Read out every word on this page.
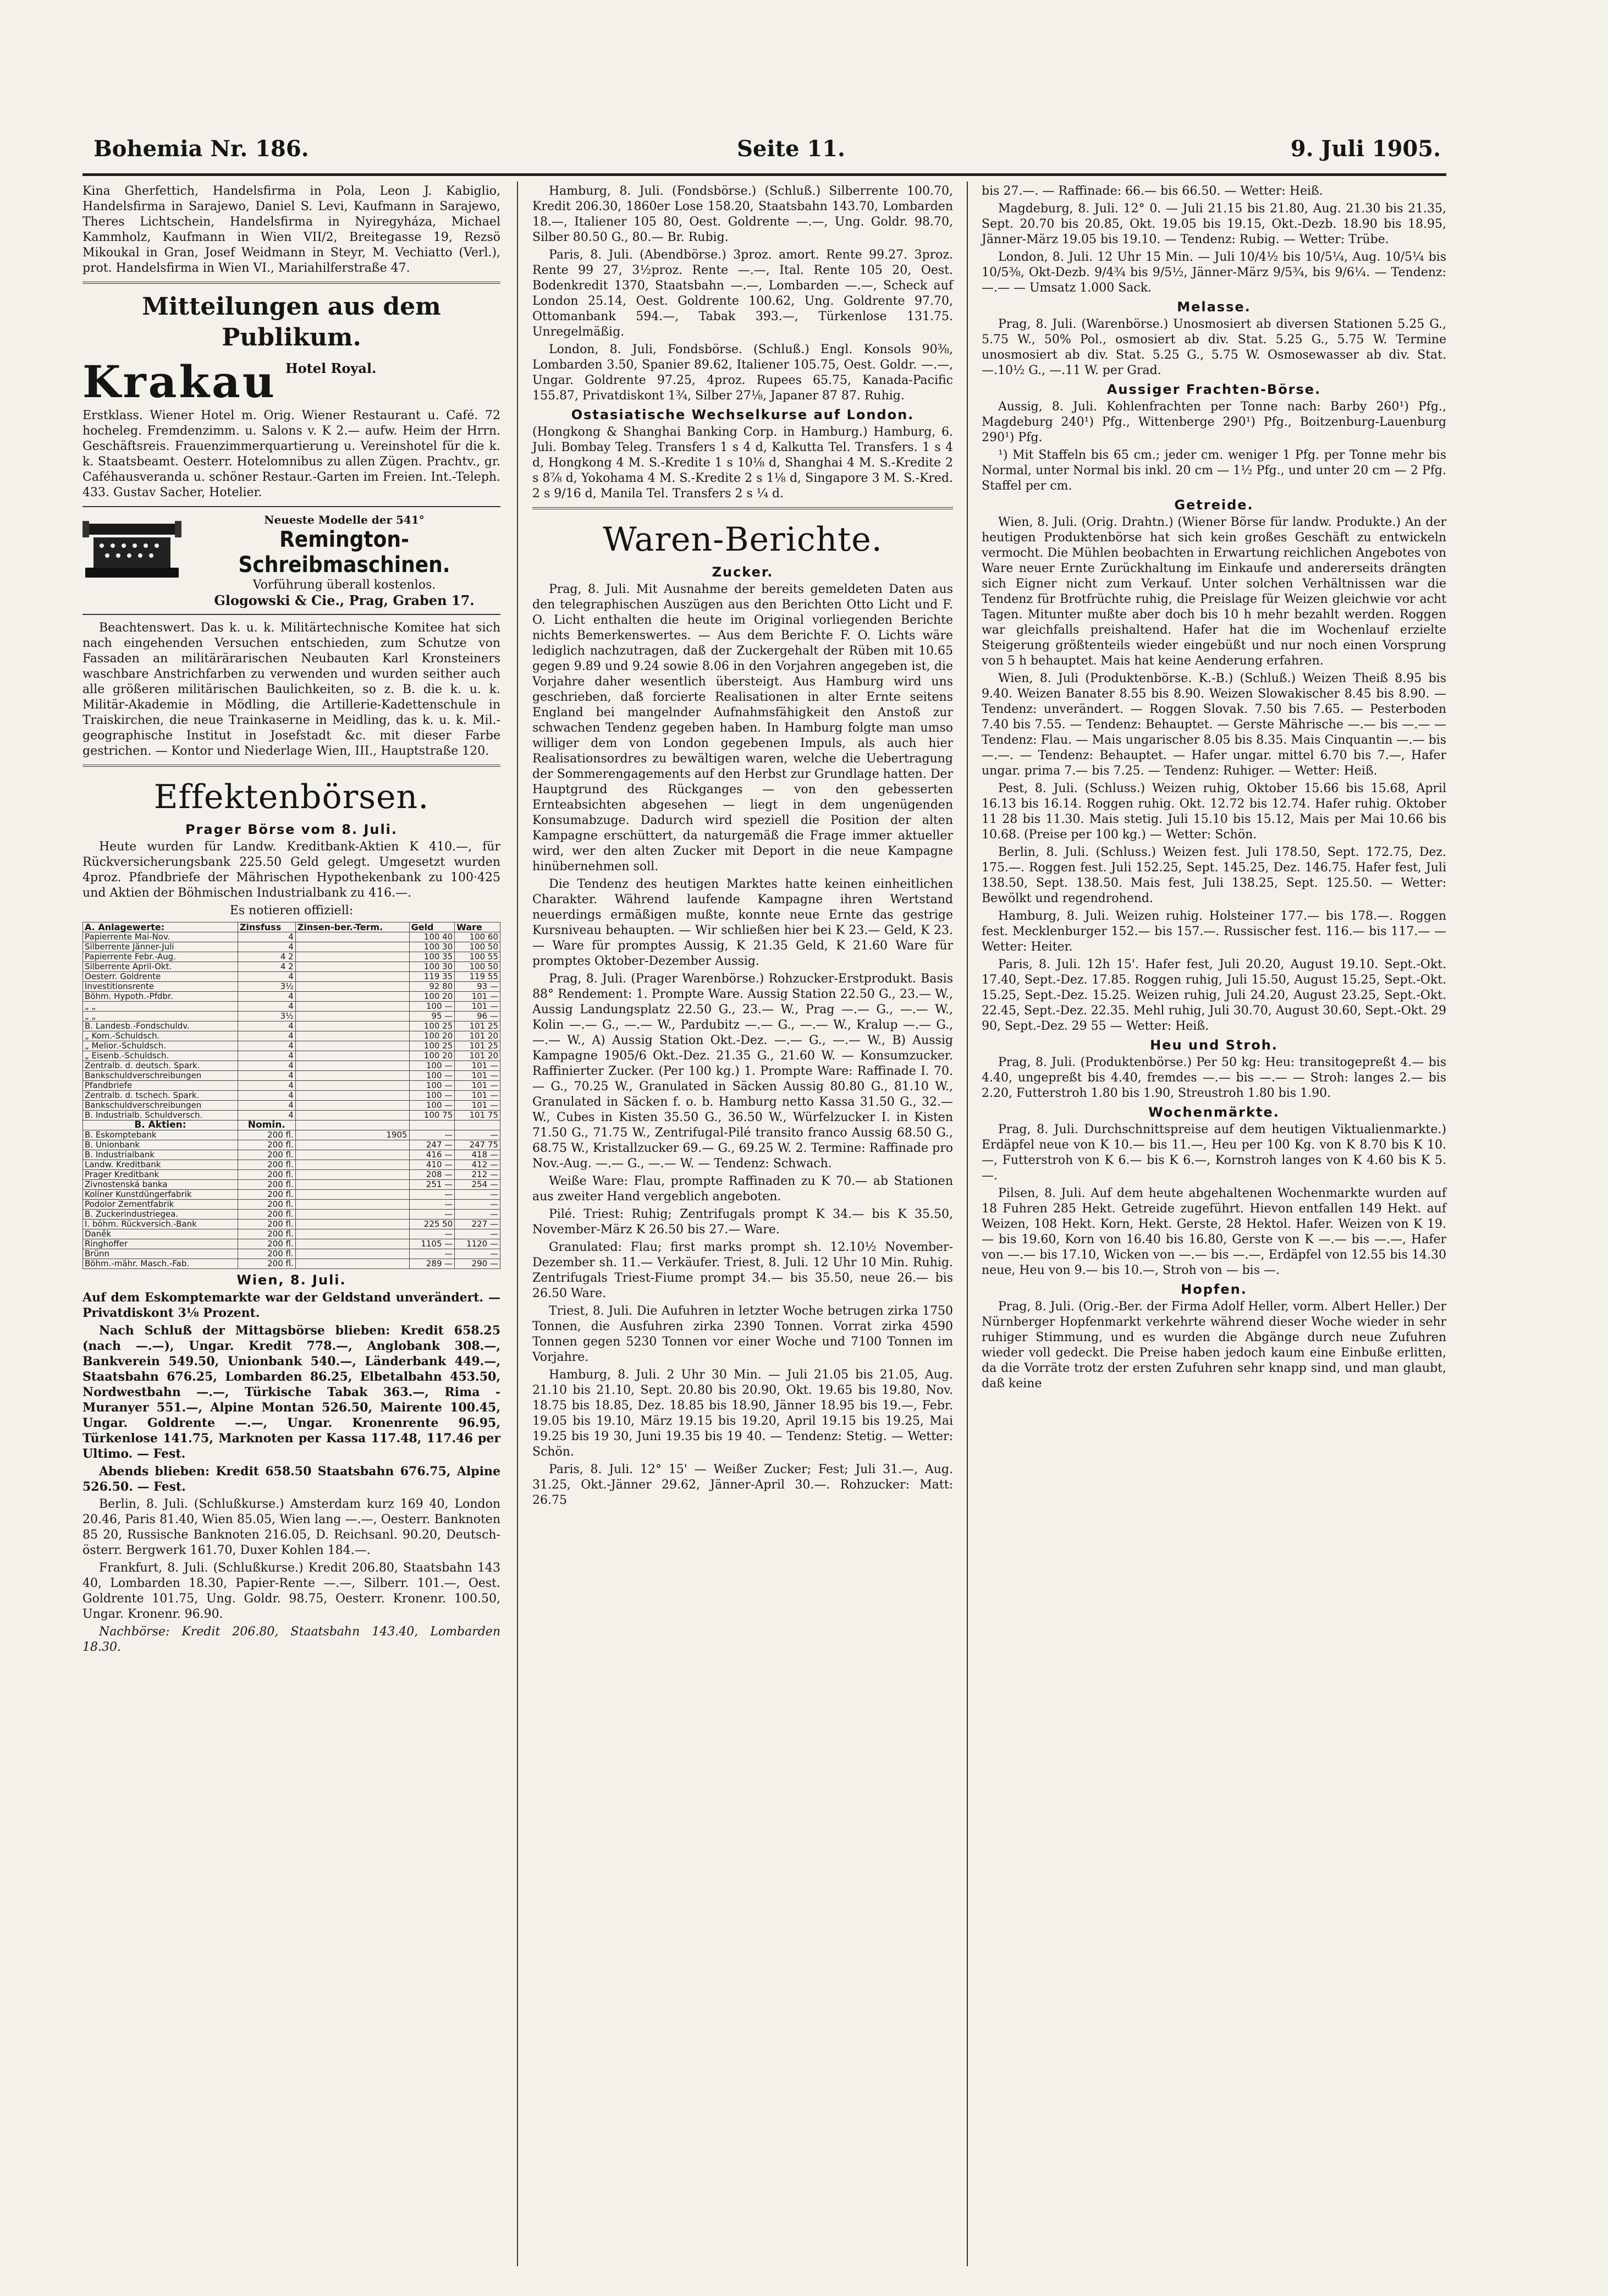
Bohemia Nr. 186.	Seite 11.	9. Juli 1905.

Kina Gherfettich, Handelsfirma in Pola, Leon J. Kabiglio, Handelsfirma in Sarajewo, Daniel S. Levi, Kaufmann in Sarajewo, Theres Lichtschein, Handelsfirma in Nyiregyháza, Michael Kammholz, Kaufmann in Wien VII/2, Breitegasse 19, Rezsö Mikoukal in Gran, Josef Weidmann in Steyr, M. Vechiatto (Verl.), prot. Handelsfirma in Wien VI., Mariahilferstraße 47.

Mitteilungen aus dem Publikum.
Krakau Hotel Royal.

Erstklass. Wiener Hotel m. Orig. Wiener Restaurant u. Café. 72 hocheleg. Fremdenzimm. u. Salons v. K 2.— aufw. Heim der Hrrn. Geschäftsreis. Frauenzimmerquartierung u. Vereinshotel für die k. k. Staatsbeamt. Oesterr. Hotelomnibus zu allen Zügen. Prachtv., gr. Caféhausveranda u. schöner Restaur.-Garten im Freien. Int.-Teleph. 433. Gustav Sacher, Hotelier.

Neueste Modelle der 541°
Remington-Schreibmaschinen.
Vorführung überall kostenlos.
Glogowski & Cie., Prag, Graben 17.

Beachtenswert. Das k. u. k. Militärtechnische Komitee hat sich nach eingehenden Versuchen entschieden, zum Schutze von Fassaden an militärärarischen Neubauten Karl Kronsteiners waschbare Anstrichfarben zu verwenden und wurden seither auch alle größeren militärischen Baulichkeiten, so z. B. die k. u. k. Militär-Akademie in Mödling, die Artillerie-Kadettenschule in Traiskirchen, die neue Trainkaserne in Meidling, das k. u. k. Mil.-geographische Institut in Josefstadt &c. mit dieser Farbe gestrichen. — Kontor und Niederlage Wien, III., Hauptstraße 120.

Effektenbörsen.
Prager Börse vom 8. Juli.

Heute wurden für Landw. Kreditbank-Aktien K 410.—, für Rückversicherungsbank 225.50 Geld gelegt. Umgesetzt wurden 4proz. Pfandbriefe der Mährischen Hypothekenbank zu 100·425 und Aktien der Böhmischen Industrialbank zu 416.—.

Es notieren offiziell:

A. Anlagewerte:	Zinsfuss	Zinsen-ber.-Term.	Geld	Ware
Papierrente Mai-Nov.	4		100 40	100 60
Silberrente Jänner-Juli	4		100 30	100 50
Papierrente Febr.-Aug.	4 2		100 35	100 55
Silberrente April-Okt.	4 2		100 30	100 50
Oesterr. Goldrente	4		119 35	119 55
Investitionsrente	3½		92 80	93 —
Böhm. Hypoth.-Pfdbr.	4		100 20	101 —
„ „	4		100 —	101 —
„ „	3½		95 —	96 —
B. Landesb.-Fondschuldv.	4		100 25	101 25
„ Kom.-Schuldsch.	4		100 20	101 20
„ Melior.-Schuldsch.	4		100 25	101 25
„ Eisenb.-Schuldsch.	4		100 20	101 20
Zentralb. d. deutsch. Spark.	4		100 —	101 —
Bankschuldverschreibungen	4		100 —	101 —
Pfandbriefe	4		100 —	101 —
Zentralb. d. tschech. Spark.	4		100 —	101 —
Bankschuldverschreibungen	4		100 —	101 —
B. Industrialb. Schuldversch.	4		100 75	101 75
B. Aktien:	Nomin.			
B. Eskomptebank	200 fl.	1905	—	—
B. Unionbank	200 fl.		247 —	247 75
B. Industrialbank	200 fl.		416 —	418 —
Landw. Kreditbank	200 fl.		410 —	412 —
Prager Kreditbank	200 fl.		208 —	212 —
Zivnostenská banka	200 fl.		251 —	254 —
Kolíner Kunstdüngerfabrik	200 fl.		—	—
Podolor Zementfabrik	200 fl.		—	—
B. Zuckerindustriegea.	200 fl.		—	—
I. böhm. Rückversich.-Bank	200 fl.		225 50	227 —
Daněk	200 fl.		—	—
Ringhoffer	200 fl.		1105 —	1120 —
Brünn	200 fl.		—	—
Böhm.-mähr. Masch.-Fab.	200 fl.		289 —	290 —
Wien, 8. Juli.

Auf dem Eskomptemarkte war der Geldstand unverändert. — Privatdiskont 3⅛ Prozent.

Nach Schluß der Mittagsbörse blieben: Kredit 658.25 (nach —.—), Ungar. Kredit 778.—, Anglobank 308.—, Bankverein 549.50, Unionbank 540.—, Länderbank 449.—, Staatsbahn 676.25, Lombarden 86.25, Elbetalbahn 453.50, Nordwestbahn —.—, Türkische Tabak 363.—, Rima - Muranyer 551.—, Alpine Montan 526.50, Mairente 100.45, Ungar. Goldrente —.—, Ungar. Kronenrente 96.95, Türkenlose 141.75, Marknoten per Kassa 117.48, 117.46 per Ultimo. — Fest.

Abends blieben: Kredit 658.50 Staatsbahn 676.75, Alpine 526.50. — Fest.

Berlin, 8. Juli. (Schlußkurse.) Amsterdam kurz 169 40, London 20.46, Paris 81.40, Wien 85.05, Wien lang —.—, Oesterr. Banknoten 85 20, Russische Banknoten 216.05, D. Reichsanl. 90.20, Deutsch-österr. Bergwerk 161.70, Duxer Kohlen 184.—.

Frankfurt, 8. Juli. (Schlußkurse.) Kredit 206.80, Staatsbahn 143 40, Lombarden 18.30, Papier-Rente —.—, Silberr. 101.—, Oest. Goldrente 101.75, Ung. Goldr. 98.75, Oesterr. Kronenr. 100.50, Ungar. Kronenr. 96.90.

Nachbörse: Kredit 206.80, Staatsbahn 143.40, Lombarden 18.30.

Hamburg, 8. Juli. (Fondsbörse.) (Schluß.) Silberrente 100.70, Kredit 206.30, 1860er Lose 158.20, Staatsbahn 143.70, Lombarden 18.—, Italiener 105 80, Oest. Goldrente —.—, Ung. Goldr. 98.70, Silber 80.50 G., 80.— Br. Rubig.

Paris, 8. Juli. (Abendbörse.) 3proz. amort. Rente 99.27. 3proz. Rente 99 27, 3½proz. Rente —.—, Ital. Rente 105 20, Oest. Bodenkredit 1370, Staatsbahn —.—, Lombarden —.—, Scheck auf London 25.14, Oest. Goldrente 100.62, Ung. Goldrente 97.70, Ottomanbank 594.—, Tabak 393.—, Türkenlose 131.75. Unregelmäßig.

London, 8. Juli, Fondsbörse. (Schluß.) Engl. Konsols 90⅜, Lombarden 3.50, Spanier 89.62, Italiener 105.75, Oest. Goldr. —.—, Ungar. Goldrente 97.25, 4proz. Rupees 65.75, Kanada-Pacific 155.87, Privatdiskont 1¾, Silber 27⅛, Japaner 87 87. Ruhig.

Ostasiatische Wechselkurse auf London.

(Hongkong & Shanghai Banking Corp. in Hamburg.) Hamburg, 6. Juli. Bombay Teleg. Transfers 1 s 4 d, Kalkutta Tel. Transfers. 1 s 4 d, Hongkong 4 M. S.-Kredite 1 s 10⅛ d, Shanghai 4 M. S.-Kredite 2 s 8⅞ d, Yokohama 4 M. S.-Kredite 2 s 1⅛ d, Singapore 3 M. S.-Kred. 2 s 9/16 d, Manila Tel. Transfers 2 s ¼ d.

Waren-Berichte.
Zucker.

Prag, 8. Juli. Mit Ausnahme der bereits gemeldeten Daten aus den telegraphischen Auszügen aus den Berichten Otto Licht und F. O. Licht enthalten die heute im Original vorliegenden Berichte nichts Bemerkenswertes. — Aus dem Berichte F. O. Lichts wäre lediglich nachzutragen, daß der Zuckergehalt der Rüben mit 10.65 gegen 9.89 und 9.24 sowie 8.06 in den Vorjahren angegeben ist, die Vorjahre daher wesentlich übersteigt. Aus Hamburg wird uns geschrieben, daß forcierte Realisationen in alter Ernte seitens England bei mangelnder Aufnahmsfähigkeit den Anstoß zur schwachen Tendenz gegeben haben. In Hamburg folgte man umso williger dem von London gegebenen Impuls, als auch hier Realisationsordres zu bewältigen waren, welche die Uebertragung der Sommerengagements auf den Herbst zur Grundlage hatten. Der Hauptgrund des Rückganges — von den gebesserten Ernteabsichten abgesehen — liegt in dem ungenügenden Konsumabzuge. Dadurch wird speziell die Position der alten Kampagne erschüttert, da naturgemäß die Frage immer aktueller wird, wer den alten Zucker mit Deport in die neue Kampagne hinübernehmen soll.

Die Tendenz des heutigen Marktes hatte keinen einheitlichen Charakter. Während laufende Kampagne ihren Wertstand neuerdings ermäßigen mußte, konnte neue Ernte das gestrige Kursniveau behaupten. — Wir schließen hier bei K 23.— Geld, K 23.— Ware für promptes Aussig, K 21.35 Geld, K 21.60 Ware für promptes Oktober-Dezember Aussig.

Prag, 8. Juli. (Prager Warenbörse.) Rohzucker-Erstprodukt. Basis 88° Rendement: 1. Prompte Ware. Aussig Station 22.50 G., 23.— W., Aussig Landungsplatz 22.50 G., 23.— W., Prag —.— G., —.— W., Kolin —.— G., —.— W., Pardubitz —.— G., —.— W., Kralup —.— G., —.— W., A) Aussig Station Okt.-Dez. —.— G., —.— W., B) Aussig Kampagne 1905/6 Okt.-Dez. 21.35 G., 21.60 W. — Konsumzucker. Raffinierter Zucker. (Per 100 kg.) 1. Prompte Ware: Raffinade I. 70.— G., 70.25 W., Granulated in Säcken Aussig 80.80 G., 81.10 W., Granulated in Säcken f. o. b. Hamburg netto Kassa 31.50 G., 32.— W., Cubes in Kisten 35.50 G., 36.50 W., Würfelzucker I. in Kisten 71.50 G., 71.75 W., Zentrifugal-Pilé transito franco Aussig 68.50 G., 68.75 W., Kristallzucker 69.— G., 69.25 W. 2. Termine: Raffinade pro Nov.-Aug. —.— G., —.— W. — Tendenz: Schwach.

Weiße Ware: Flau, prompte Raffinaden zu K 70.— ab Stationen aus zweiter Hand vergeblich angeboten.

Pilé. Triest: Ruhig; Zentrifugals prompt K 34.— bis K 35.50, November-März K 26.50 bis 27.— Ware.

Granulated: Flau; first marks prompt sh. 12.10½ November-Dezember sh. 11.— Verkäufer. Triest, 8. Juli. 12 Uhr 10 Min. Ruhig. Zentrifugals Triest-Fiume prompt 34.— bis 35.50, neue 26.— bis 26.50 Ware.

Triest, 8. Juli. Die Aufuhren in letzter Woche betrugen zirka 1750 Tonnen, die Ausfuhren zirka 2390 Tonnen. Vorrat zirka 4590 Tonnen gegen 5230 Tonnen vor einer Woche und 7100 Tonnen im Vorjahre.

Hamburg, 8. Juli. 2 Uhr 30 Min. — Juli 21.05 bis 21.05, Aug. 21.10 bis 21.10, Sept. 20.80 bis 20.90, Okt. 19.65 bis 19.80, Nov. 18.75 bis 18.85, Dez. 18.85 bis 18.90, Jänner 18.95 bis 19.—, Febr. 19.05 bis 19.10, März 19.15 bis 19.20, April 19.15 bis 19.25, Mai 19.25 bis 19 30, Juni 19.35 bis 19 40. — Tendenz: Stetig. — Wetter: Schön.

Paris, 8. Juli. 12° 15' — Weißer Zucker; Fest; Juli 31.—, Aug. 31.25, Okt.-Jänner 29.62, Jänner-April 30.—. Rohzucker: Matt: 26.75

bis 27.—. — Raffinade: 66.— bis 66.50. — Wetter: Heiß.

Magdeburg, 8. Juli. 12° 0. — Juli 21.15 bis 21.80, Aug. 21.30 bis 21.35, Sept. 20.70 bis 20.85, Okt. 19.05 bis 19.15, Okt.-Dezb. 18.90 bis 18.95, Jänner-März 19.05 bis 19.10. — Tendenz: Rubig. — Wetter: Trübe.

London, 8. Juli. 12 Uhr 15 Min. — Juli 10/4½ bis 10/5¼, Aug. 10/5¼ bis 10/5⅜, Okt-Dezb. 9/4¾ bis 9/5½, Jänner-März 9/5¾, bis 9/6¼. — Tendenz: —.— — Umsatz 1.000 Sack.

Melasse.

Prag, 8. Juli. (Warenbörse.) Unosmosiert ab diversen Stationen 5.25 G., 5.75 W., 50% Pol., osmosiert ab div. Stat. 5.25 G., 5.75 W. Termine unosmosiert ab div. Stat. 5.25 G., 5.75 W. Osmosewasser ab div. Stat. —.10½ G., —.11 W. per Grad.

Aussiger Frachten-Börse.

Aussig, 8. Juli. Kohlenfrachten per Tonne nach: Barby 260¹) Pfg., Magdeburg 240¹) Pfg., Wittenberge 290¹) Pfg., Boitzenburg-Lauenburg 290¹) Pfg.

¹) Mit Staffeln bis 65 cm.; jeder cm. weniger 1 Pfg. per Tonne mehr bis Normal, unter Normal bis inkl. 20 cm — 1½ Pfg., und unter 20 cm — 2 Pfg. Staffel per cm.

Getreide.

Wien, 8. Juli. (Orig. Drahtn.) (Wiener Börse für landw. Produkte.) An der heutigen Produktenbörse hat sich kein großes Geschäft zu entwickeln vermocht. Die Mühlen beobachten in Erwartung reichlichen Angebotes von Ware neuer Ernte Zurückhaltung im Einkaufe und andererseits drängten sich Eigner nicht zum Verkauf. Unter solchen Verhältnissen war die Tendenz für Brotfrüchte ruhig, die Preislage für Weizen gleichwie vor acht Tagen. Mitunter mußte aber doch bis 10 h mehr bezahlt werden. Roggen war gleichfalls preishaltend. Hafer hat die im Wochenlauf erzielte Steigerung größtenteils wieder eingebüßt und nur noch einen Vorsprung von 5 h behauptet. Mais hat keine Aenderung erfahren.

Wien, 8. Juli (Produktenbörse. K.-B.) (Schluß.) Weizen Theiß 8.95 bis 9.40. Weizen Banater 8.55 bis 8.90. Weizen Slowakischer 8.45 bis 8.90. — Tendenz: unverändert. — Roggen Slovak. 7.50 bis 7.65. — Pesterboden 7.40 bis 7.55. — Tendenz: Behauptet. — Gerste Mährische —.— bis —.— — Tendenz: Flau. — Mais ungarischer 8.05 bis 8.35. Mais Cinquantin —.— bis —.—. — Tendenz: Behauptet. — Hafer ungar. mittel 6.70 bis 7.—, Hafer ungar. prima 7.— bis 7.25. — Tendenz: Ruhiger. — Wetter: Heiß.

Pest, 8. Juli. (Schluss.) Weizen ruhig, Oktober 15.66 bis 15.68, April 16.13 bis 16.14. Roggen ruhig. Okt. 12.72 bis 12.74. Hafer ruhig. Oktober 11 28 bis 11.30. Mais stetig. Juli 15.10 bis 15.12, Mais per Mai 10.66 bis 10.68. (Preise per 100 kg.) — Wetter: Schön.

Berlin, 8. Juli. (Schluss.) Weizen fest. Juli 178.50, Sept. 172.75, Dez. 175.—. Roggen fest. Juli 152.25, Sept. 145.25, Dez. 146.75. Hafer fest, Juli 138.50, Sept. 138.50. Mais fest, Juli 138.25, Sept. 125.50. — Wetter: Bewölkt und regendrohend.

Hamburg, 8. Juli. Weizen ruhig. Holsteiner 177.— bis 178.—. Roggen fest. Mecklenburger 152.— bis 157.—. Russischer fest. 116.— bis 117.— — Wetter: Heiter.

Paris, 8. Juli. 12h 15'. Hafer fest, Juli 20.20, August 19.10. Sept.-Okt. 17.40, Sept.-Dez. 17.85. Roggen ruhig, Juli 15.50, August 15.25, Sept.-Okt. 15.25, Sept.-Dez. 15.25. Weizen ruhig, Juli 24.20, August 23.25, Sept.-Okt. 22.45, Sept.-Dez. 22.35. Mehl ruhig, Juli 30.70, August 30.60, Sept.-Okt. 29 90, Sept.-Dez. 29 55 — Wetter: Heiß.

Heu und Stroh.

Prag, 8. Juli. (Produktenbörse.) Per 50 kg: Heu: transitogepreßt 4.— bis 4.40, ungepreßt bis 4.40, fremdes —.— bis —.— — Stroh: langes 2.— bis 2.20, Futterstroh 1.80 bis 1.90, Streustroh 1.80 bis 1.90.

Wochenmärkte.

Prag, 8. Juli. Durchschnittspreise auf dem heutigen Viktualienmarkte.) Erdäpfel neue von K 10.— bis 11.—, Heu per 100 Kg. von K 8.70 bis K 10.—, Futterstroh von K 6.— bis K 6.—, Kornstroh langes von K 4.60 bis K 5.—.

Pilsen, 8. Juli. Auf dem heute abgehaltenen Wochenmarkte wurden auf 18 Fuhren 285 Hekt. Getreide zugeführt. Hievon entfallen 149 Hekt. auf Weizen, 108 Hekt. Korn, Hekt. Gerste, 28 Hektol. Hafer. Weizen von K 19.— bis 19.60, Korn von 16.40 bis 16.80, Gerste von K —.— bis —.—, Hafer von —.— bis 17.10, Wicken von —.— bis —.—, Erdäpfel von 12.55 bis 14.30 neue, Heu von 9.— bis 10.—, Stroh von — bis —.

Hopfen.

Prag, 8. Juli. (Orig.-Ber. der Firma Adolf Heller, vorm. Albert Heller.) Der Nürnberger Hopfenmarkt verkehrte während dieser Woche wieder in sehr ruhiger Stimmung, und es wurden die Abgänge durch neue Zufuhren wieder voll gedeckt. Die Preise haben jedoch kaum eine Einbuße erlitten, da die Vorräte trotz der ersten Zufuhren sehr knapp sind, und man glaubt, daß keine
